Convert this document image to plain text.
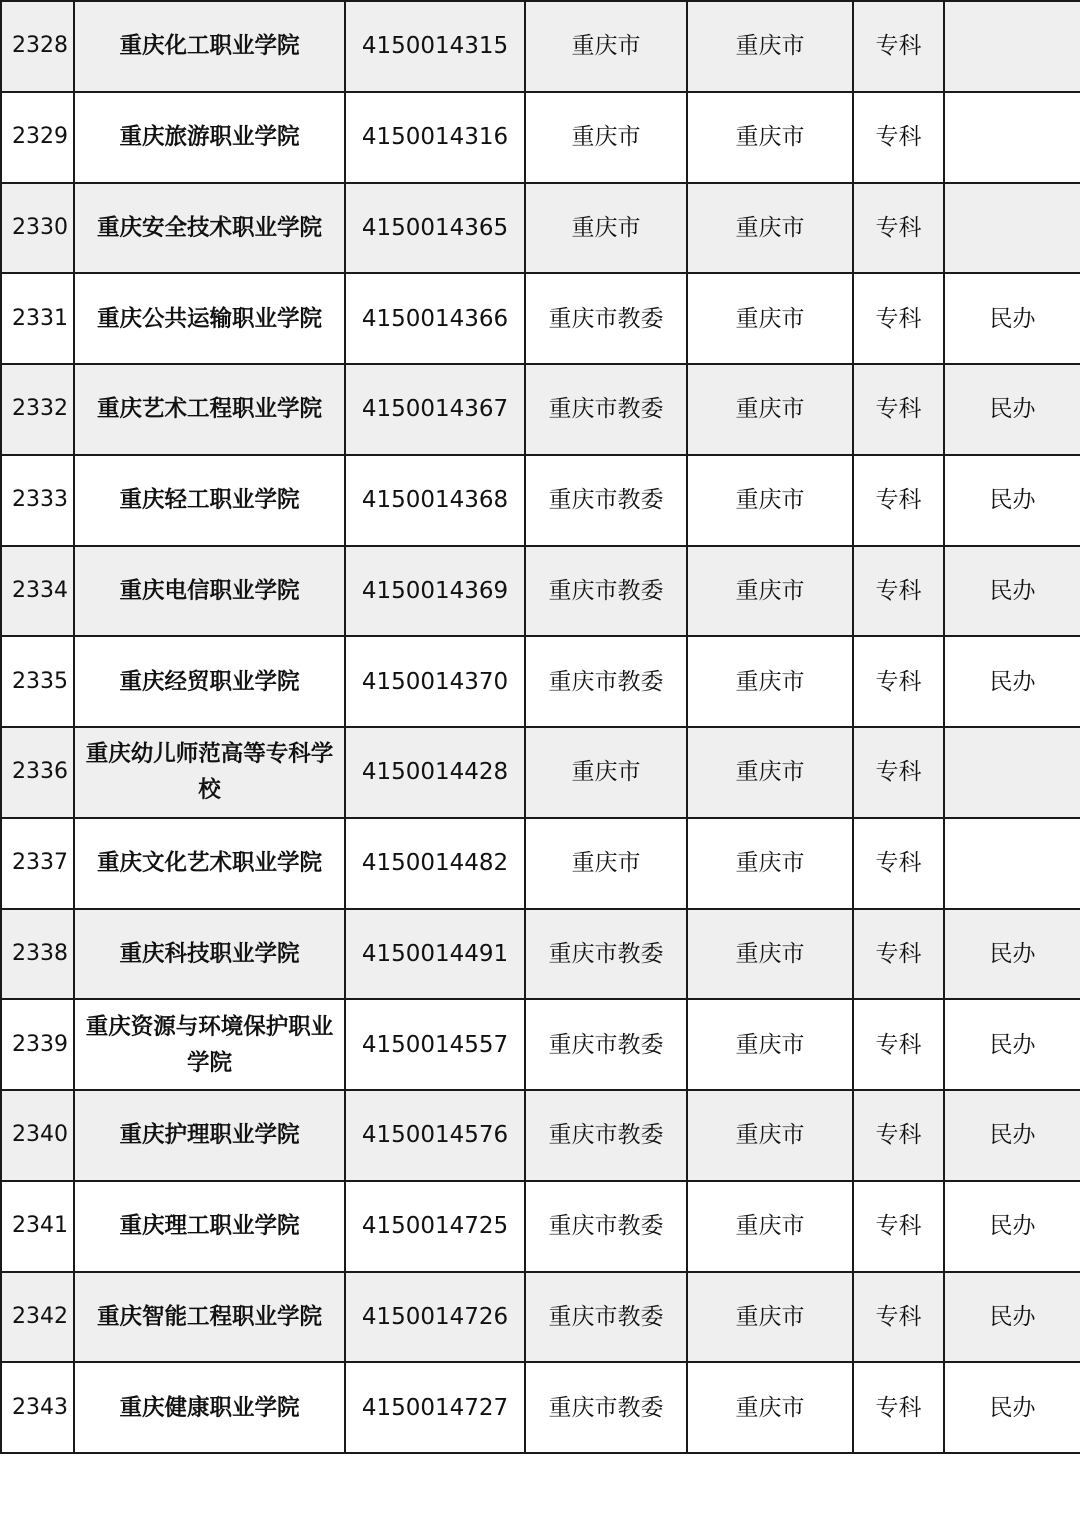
2328	重庆化工职业学院	4150014315	重庆市	重庆市	专科	
2329	重庆旅游职业学院	4150014316	重庆市	重庆市	专科	
2330	重庆安全技术职业学院	4150014365	重庆市	重庆市	专科	
2331	重庆公共运输职业学院	4150014366	重庆市教委	重庆市	专科	民办
2332	重庆艺术工程职业学院	4150014367	重庆市教委	重庆市	专科	民办
2333	重庆轻工职业学院	4150014368	重庆市教委	重庆市	专科	民办
2334	重庆电信职业学院	4150014369	重庆市教委	重庆市	专科	民办
2335	重庆经贸职业学院	4150014370	重庆市教委	重庆市	专科	民办
2336	重庆幼儿师范高等专科学校	4150014428	重庆市	重庆市	专科	
2337	重庆文化艺术职业学院	4150014482	重庆市	重庆市	专科	
2338	重庆科技职业学院	4150014491	重庆市教委	重庆市	专科	民办
2339	重庆资源与环境保护职业学院	4150014557	重庆市教委	重庆市	专科	民办
2340	重庆护理职业学院	4150014576	重庆市教委	重庆市	专科	民办
2341	重庆理工职业学院	4150014725	重庆市教委	重庆市	专科	民办
2342	重庆智能工程职业学院	4150014726	重庆市教委	重庆市	专科	民办
2343	重庆健康职业学院	4150014727	重庆市教委	重庆市	专科	民办
